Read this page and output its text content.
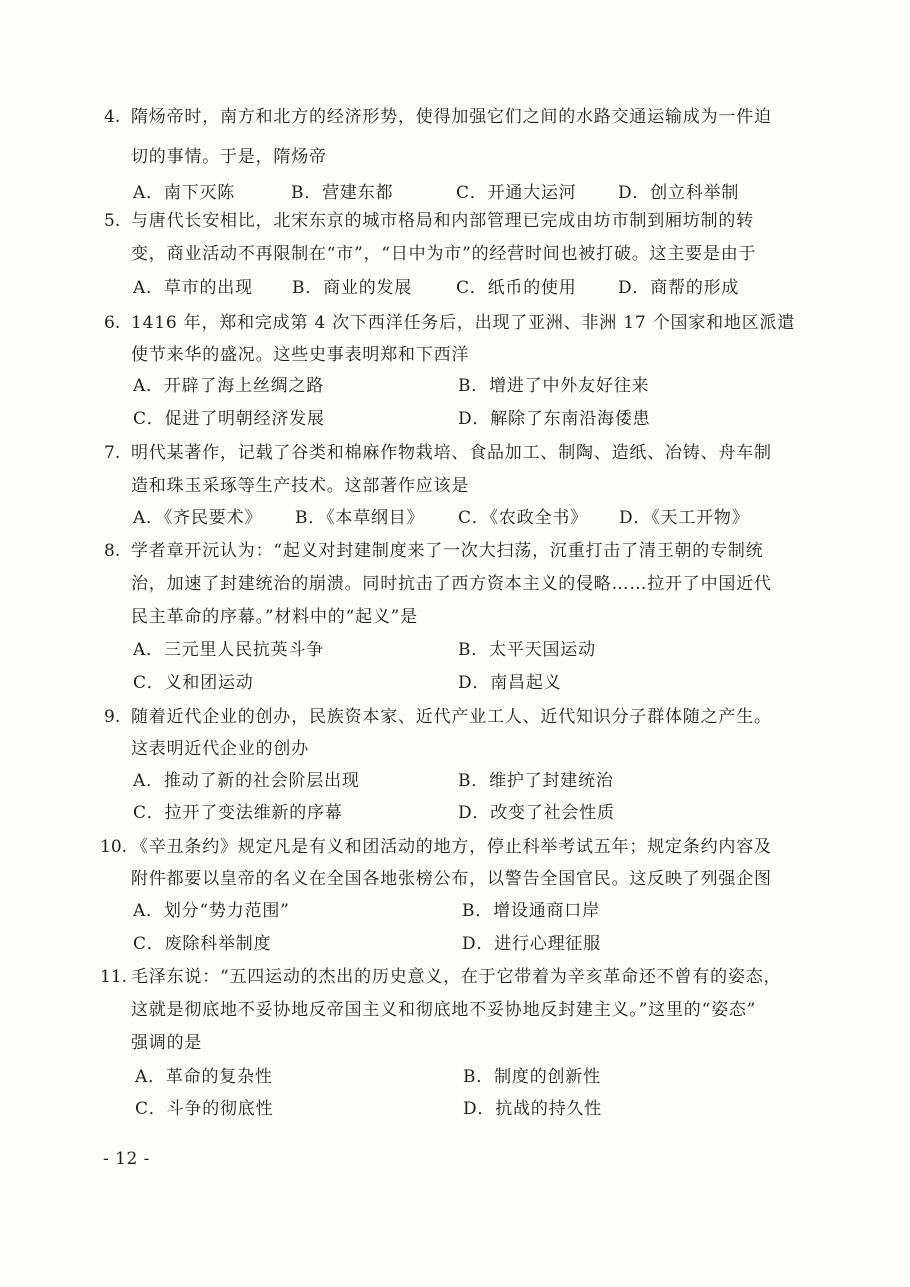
4. 隋炀帝时，南方和北方的经济形势，使得加强它们之间的水路交通运输成为一件迫
切的事情。于是，隋炀帝
A．南下灭陈	B．营建东都	C．开通大运河 D．创立科举制
5. 与唐代长安相比，北宋东京的城市格局和内部管理已完成由坊市制到厢坊制的转
变，商业活动不再限制在“市”，“日中为市”的经营时间也被打破。这主要是由于
A．草市的出现 B．商业的发展	C．纸币的使用 D．商帮的形成
6. 1416 年，郑和完成第 4 次下西洋任务后，出现了亚洲、非洲 17 个国家和地区派遣
使节来华的盛况。这些史事表明郑和下西洋
A．开辟了海上丝绸之路	B．增进了中外友好往来
C．促进了明朝经济发展	D．解除了东南沿海倭患
7. 明代某著作，记载了谷类和棉麻作物栽培、食品加工、制陶、造纸、冶铸、舟车制
造和珠玉采琢等生产技术。这部著作应该是
A．《齐民要术》 B．《本草纲目》 C．《农政全书》 D．《天工开物》
8. 学者章开沅认为：“起义对封建制度来了一次大扫荡，沉重打击了清王朝的专制统
治，加速了封建统治的崩溃。同时抗击了西方资本主义的侵略……拉开了中国近代
民主革命的序幕。”材料中的“起义”是
A．三元里人民抗英斗争	B．太平天国运动
C．义和团运动	D．南昌起义
9. 随着近代企业的创办，民族资本家、近代产业工人、近代知识分子群体随之产生。
这表明近代企业的创办
A．推动了新的社会阶层出现	B．维护了封建统治
C．拉开了变法维新的序幕	D．改变了社会性质
10. 《辛丑条约》规定凡是有义和团活动的地方，停止科举考试五年；规定条约内容及
附件都要以皇帝的名义在全国各地张榜公布，以警告全国官民。这反映了列强企图
A．划分“势力范围”	B．增设通商口岸
C．废除科举制度	D．进行心理征服
11. 毛泽东说：“五四运动的杰出的历史意义，在于它带着为辛亥革命还不曾有的姿态，
这就是彻底地不妥协地反帝国主义和彻底地不妥协地反封建主义。”这里的“姿态”
强调的是
A．革命的复杂性	B．制度的创新性
C．斗争的彻底性	D．抗战的持久性
- 12 -
